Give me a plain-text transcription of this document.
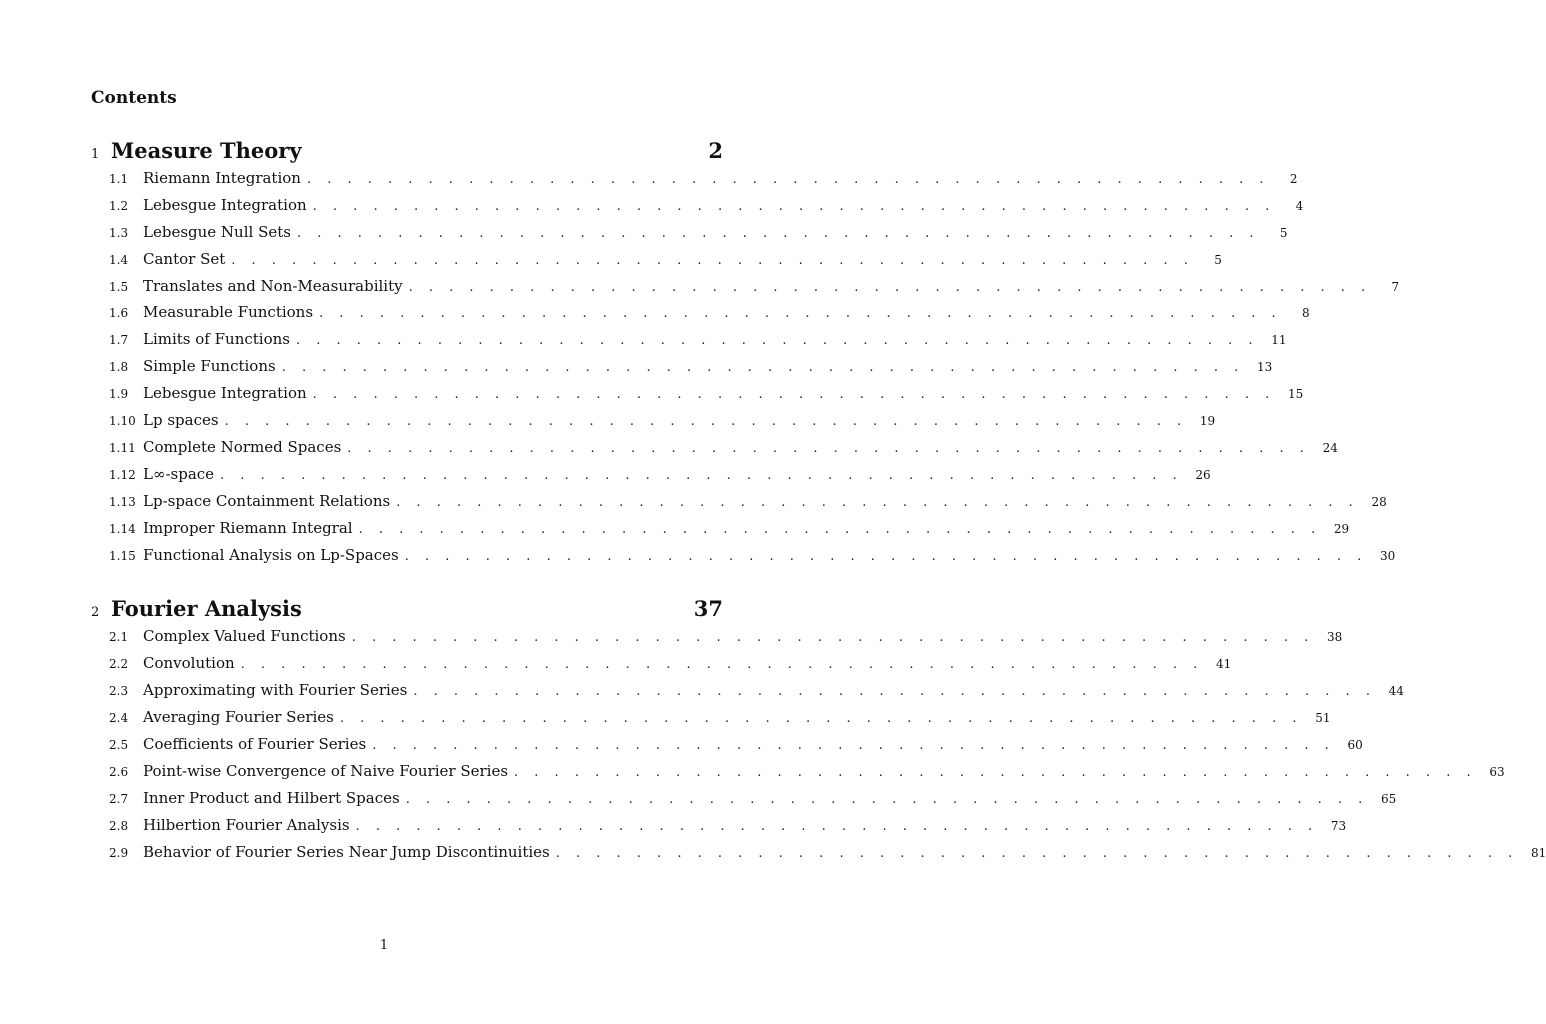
Contents
1 Measure Theory	2
1.1 Riemann Integration . . . . . . . . . . . . . . . . . . . . . . . . . . . . . . . . . . . . . . . . . . . . . . . .	2
1.2 Lebesgue Integration . . . . . . . . . . . . . . . . . . . . . . . . . . . . . . . . . . . . . . . . . . . . . . . .	4
1.3 Lebesgue Null Sets . . . . . . . . . . . . . . . . . . . . . . . . . . . . . . . . . . . . . . . . . . . . . . . .	5
1.4 Cantor Set . . . . . . . . . . . . . . . . . . . . . . . . . . . . . . . . . . . . . . . . . . . . . . . .	5
1.5 Translates and Non-Measurability . . . . . . . . . . . . . . . . . . . . . . . . . . . . . . . . . . . . . . . . . . . . . . . .	7
1.6 Measurable Functions . . . . . . . . . . . . . . . . . . . . . . . . . . . . . . . . . . . . . . . . . . . . . . . .	8
1.7 Limits of Functions . . . . . . . . . . . . . . . . . . . . . . . . . . . . . . . . . . . . . . . . . . . . . . . .	11
1.8 Simple Functions . . . . . . . . . . . . . . . . . . . . . . . . . . . . . . . . . . . . . . . . . . . . . . . .	13
1.9 Lebesgue Integration . . . . . . . . . . . . . . . . . . . . . . . . . . . . . . . . . . . . . . . . . . . . . . . .	15
1.10 Lp spaces . . . . . . . . . . . . . . . . . . . . . . . . . . . . . . . . . . . . . . . . . . . . . . . .	19
1.11 Complete Normed Spaces . . . . . . . . . . . . . . . . . . . . . . . . . . . . . . . . . . . . . . . . . . . . . . . .	24
1.12 L∞-space . . . . . . . . . . . . . . . . . . . . . . . . . . . . . . . . . . . . . . . . . . . . . . . .	26
1.13 Lp-space Containment Relations . . . . . . . . . . . . . . . . . . . . . . . . . . . . . . . . . . . . . . . . . . . . . . . .	28
1.14 Improper Riemann Integral . . . . . . . . . . . . . . . . . . . . . . . . . . . . . . . . . . . . . . . . . . . . . . . .	29
1.15 Functional Analysis on Lp-Spaces . . . . . . . . . . . . . . . . . . . . . . . . . . . . . . . . . . . . . . . . . . . . . . . .	30
2 Fourier Analysis	37
2.1 Complex Valued Functions . . . . . . . . . . . . . . . . . . . . . . . . . . . . . . . . . . . . . . . . . . . . . . . .	38
2.2 Convolution . . . . . . . . . . . . . . . . . . . . . . . . . . . . . . . . . . . . . . . . . . . . . . . .	41
2.3 Approximating with Fourier Series . . . . . . . . . . . . . . . . . . . . . . . . . . . . . . . . . . . . . . . . . . . . . . . .	44
2.4 Averaging Fourier Series . . . . . . . . . . . . . . . . . . . . . . . . . . . . . . . . . . . . . . . . . . . . . . . .	51
2.5 Coefficients of Fourier Series . . . . . . . . . . . . . . . . . . . . . . . . . . . . . . . . . . . . . . . . . . . . . . . .	60
2.6 Point-wise Convergence of Naive Fourier Series . . . . . . . . . . . . . . . . . . . . . . . . . . . . . . . . . . . . . . . . . . . . . . . .	63
2.7 Inner Product and Hilbert Spaces . . . . . . . . . . . . . . . . . . . . . . . . . . . . . . . . . . . . . . . . . . . . . . . .	65
2.8 Hilbertion Fourier Analysis . . . . . . . . . . . . . . . . . . . . . . . . . . . . . . . . . . . . . . . . . . . . . . . .	73
2.9 Behavior of Fourier Series Near Jump Discontinuities . . . . . . . . . . . . . . . . . . . . . . . . . . . . . . . . . . . . . . . . . . . . . . . .	81
1
